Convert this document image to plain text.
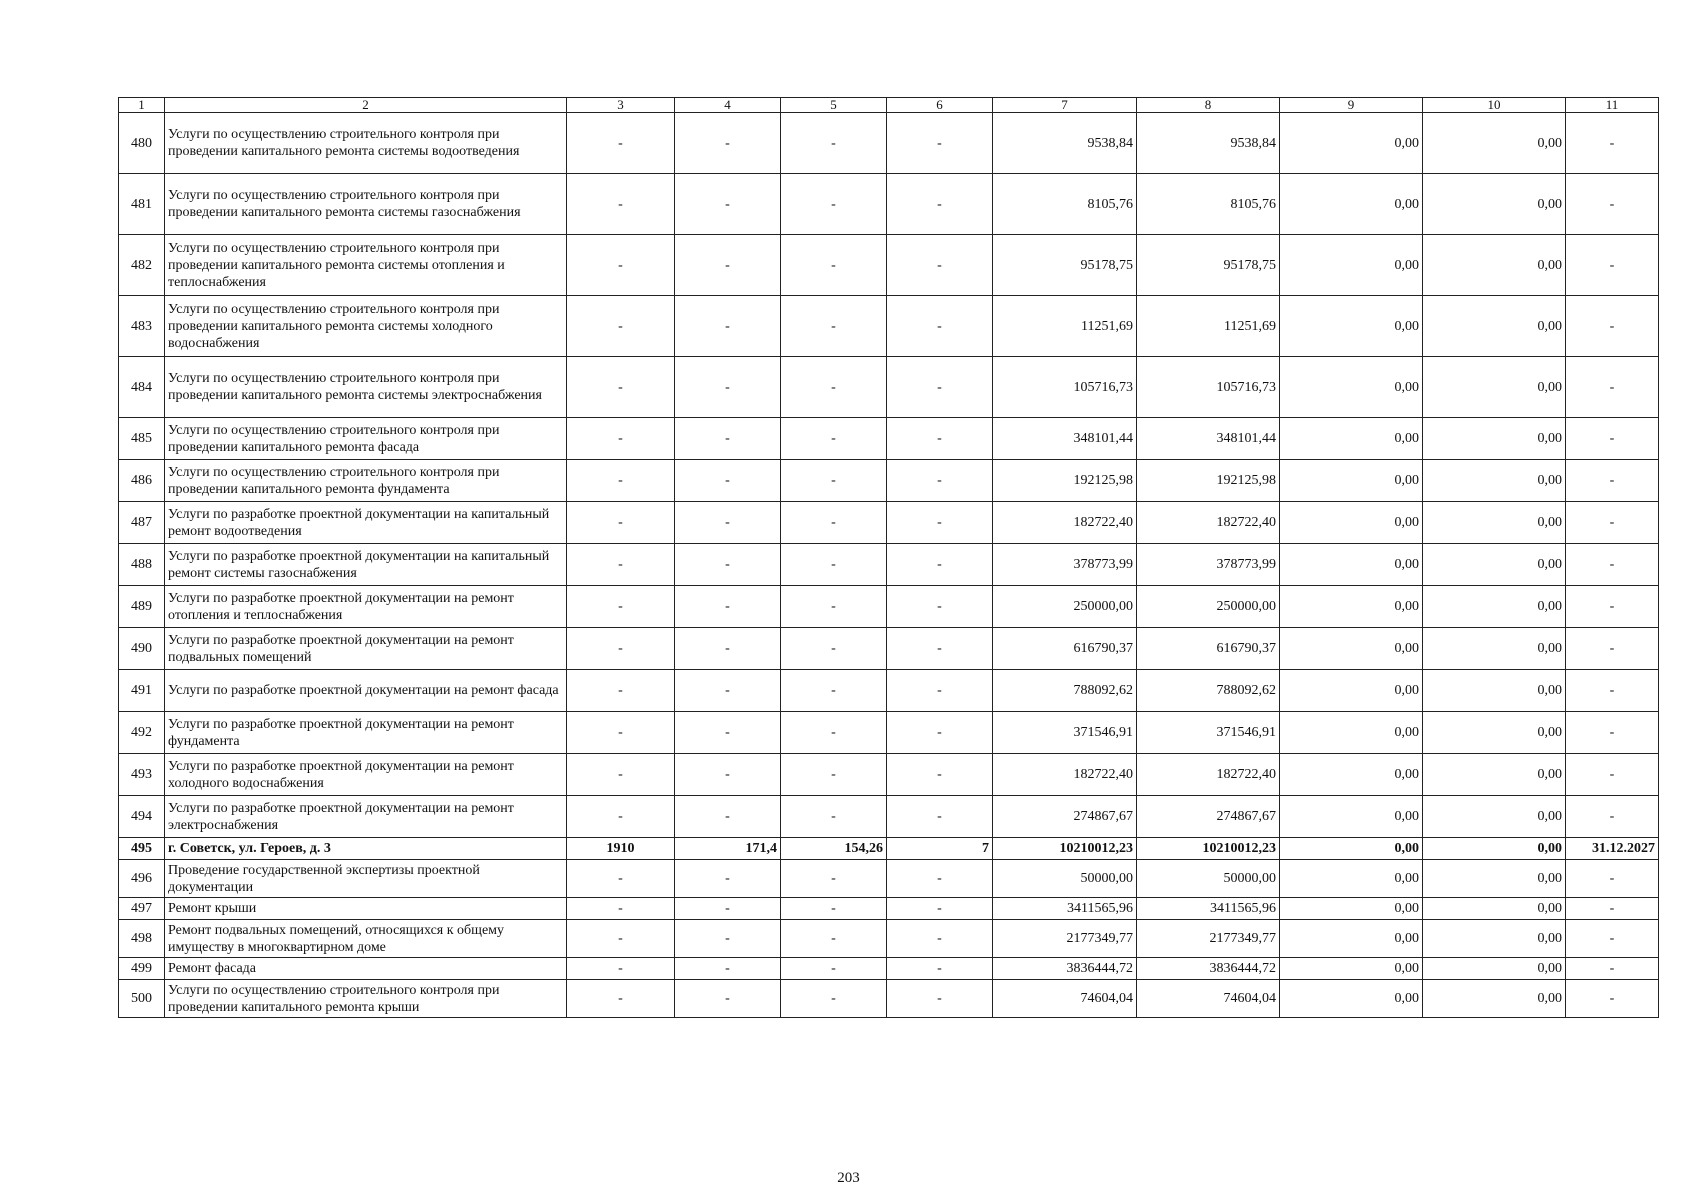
1	2	3	4	5	6	7	8	9	10	11
480	Услуги по осуществлению строительного контроля при проведении капитального ремонта системы водоотведения	-	-	-	-	9538,84	9538,84	0,00	0,00	-
481	Услуги по осуществлению строительного контроля при проведении капитального ремонта системы газоснабжения	-	-	-	-	8105,76	8105,76	0,00	0,00	-
482	Услуги по осуществлению строительного контроля при проведении капитального ремонта системы отопления и теплоснабжения	-	-	-	-	95178,75	95178,75	0,00	0,00	-
483	Услуги по осуществлению строительного контроля при проведении капитального ремонта системы холодного водоснабжения	-	-	-	-	11251,69	11251,69	0,00	0,00	-
484	Услуги по осуществлению строительного контроля при проведении капитального ремонта системы электроснабжения	-	-	-	-	105716,73	105716,73	0,00	0,00	-
485	Услуги по осуществлению строительного контроля при проведении капитального ремонта фасада	-	-	-	-	348101,44	348101,44	0,00	0,00	-
486	Услуги по осуществлению строительного контроля при проведении капитального ремонта фундамента	-	-	-	-	192125,98	192125,98	0,00	0,00	-
487	Услуги по разработке проектной документации на капитальный ремонт водоотведения	-	-	-	-	182722,40	182722,40	0,00	0,00	-
488	Услуги по разработке проектной документации на капитальный ремонт системы газоснабжения	-	-	-	-	378773,99	378773,99	0,00	0,00	-
489	Услуги по разработке проектной документации на ремонт отопления и теплоснабжения	-	-	-	-	250000,00	250000,00	0,00	0,00	-
490	Услуги по разработке проектной документации на ремонт подвальных помещений	-	-	-	-	616790,37	616790,37	0,00	0,00	-
491	Услуги по разработке проектной документации на ремонт фасада	-	-	-	-	788092,62	788092,62	0,00	0,00	-
492	Услуги по разработке проектной документации на ремонт фундамента	-	-	-	-	371546,91	371546,91	0,00	0,00	-
493	Услуги по разработке проектной документации на ремонт холодного водоснабжения	-	-	-	-	182722,40	182722,40	0,00	0,00	-
494	Услуги по разработке проектной документации на ремонт электроснабжения	-	-	-	-	274867,67	274867,67	0,00	0,00	-
495	г. Советск, ул. Героев, д. 3	1910	171,4	154,26	7	10210012,23	10210012,23	0,00	0,00	31.12.2027
496	Проведение государственной экспертизы проектной документации	-	-	-	-	50000,00	50000,00	0,00	0,00	-
497	Ремонт крыши	-	-	-	-	3411565,96	3411565,96	0,00	0,00	-
498	Ремонт подвальных помещений, относящихся к общему имуществу в многоквартирном доме	-	-	-	-	2177349,77	2177349,77	0,00	0,00	-
499	Ремонт фасада	-	-	-	-	3836444,72	3836444,72	0,00	0,00	-
500	Услуги по осуществлению строительного контроля при проведении капитального ремонта крыши	-	-	-	-	74604,04	74604,04	0,00	0,00	-
203
